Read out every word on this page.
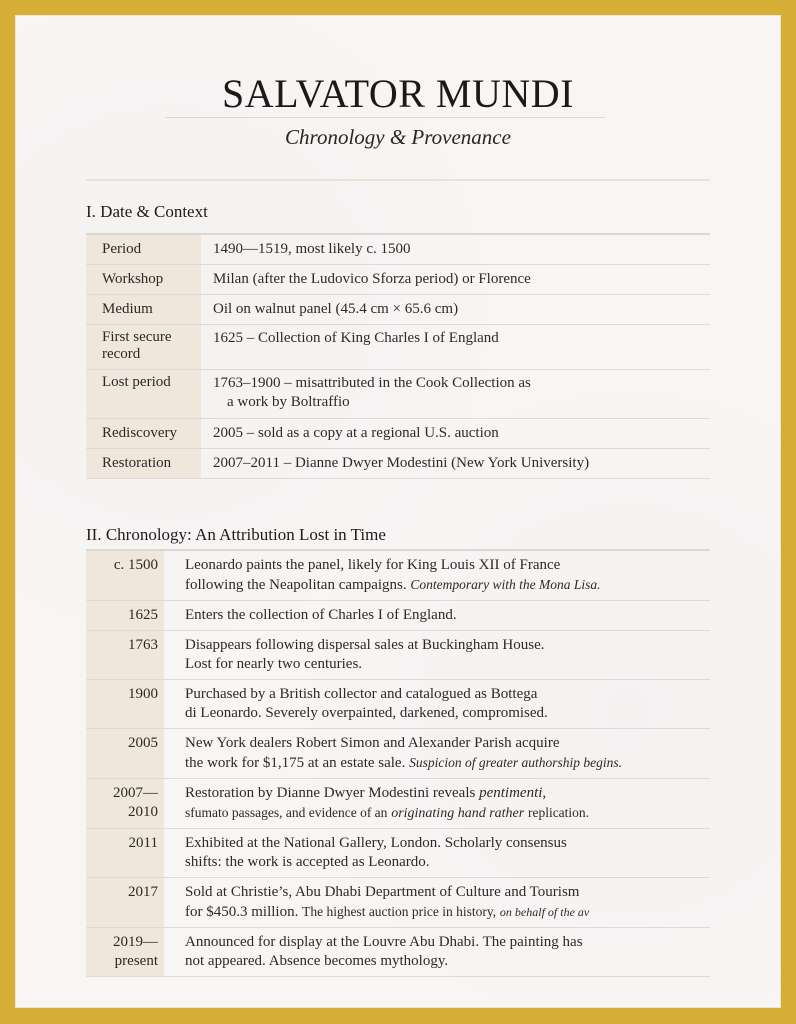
SALVATOR MUNDI
Chronology & Provenance
I. Date & Context
Period	1490—1519, most likely c. 1500
Workshop	Milan (after the Ludovico Sforza period) or Florence
Medium	Oil on walnut panel (45.4 cm × 65.6 cm)
First secure
record	1625 – Collection of King Charles I of England
Lost period	1763–1900 – misattributed in the Cook Collection as
a work by Boltraffio

Rediscovery	2005 – sold as a copy at a regional U.S. auction
Restoration	2007–2011 – Dianne Dwyer Modestini (New York University)
II. Chronology: An Attribution Lost in Time
c. 1500	Leonardo paints the panel, likely for King Louis XII of France
following the Neapolitan campaigns. Contemporary with the Mona Lisa.
1625	Enters the collection of Charles I of England.
1763	Disappears following dispersal sales at Buckingham House.
Lost for nearly two centuries.
1900	Purchased by a British collector and catalogued as Bottega
di Leonardo. Severely overpainted, darkened, compromised.
2005	New York dealers Robert Simon and Alexander Parish acquire
the work for $1,175 at an estate sale. Suspicion of greater authorship begins.
2007—
2010	Restoration by Dianne Dwyer Modestini reveals pentimenti,
sfumato passages, and evidence of an originating hand rather replication.
2011	Exhibited at the National Gallery, London. Scholarly consensus
shifts: the work is accepted as Leonardo.
2017	Sold at Christie’s, Abu Dhabi Department of Culture and Tourism
for $450.3 million. The highest auction price in history, on behalf of the av
2019—
present	Announced for display at the Louvre Abu Dhabi. The painting has
not appeared. Absence becomes mythology.
